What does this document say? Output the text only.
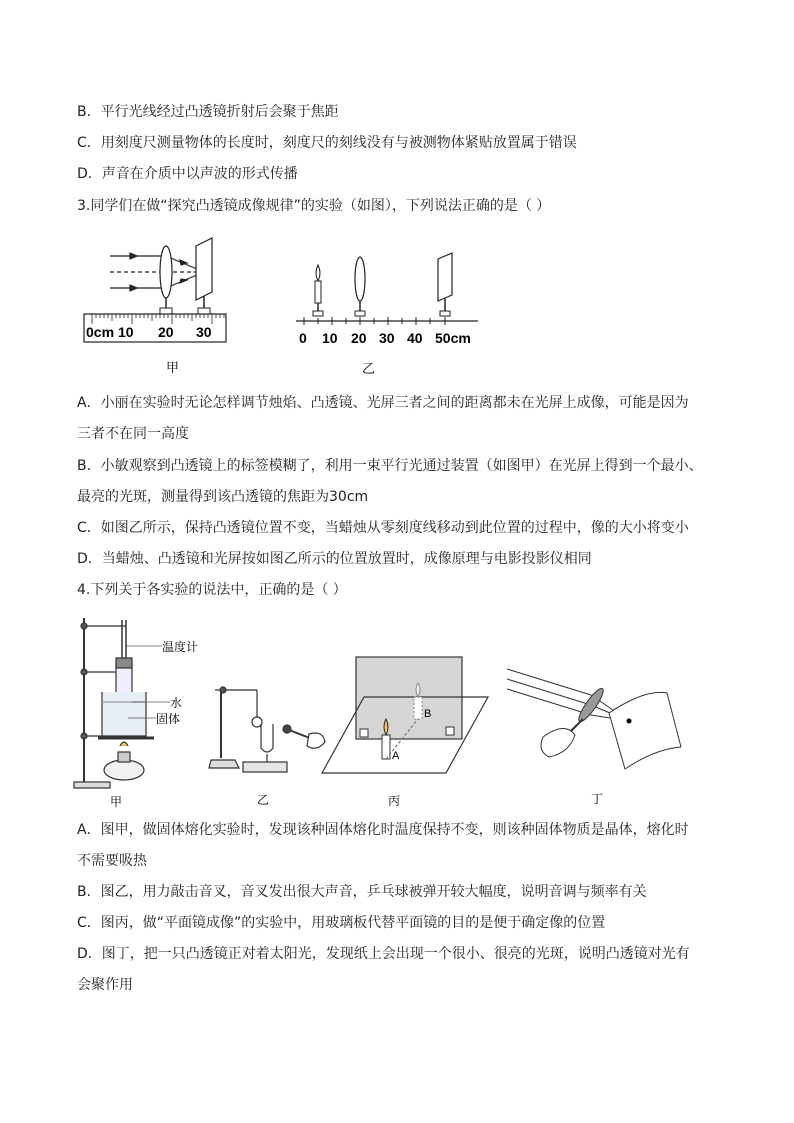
B．平行光线经过凸透镜折射后会聚于焦距
C．用刻度尺测量物体的长度时，刻度尺的刻线没有与被测物体紧贴放置属于错误
D．声音在介质中以声波的形式传播
3.同学们在做“探究凸透镜成像规律”的实验（如图），下列说法正确的是（ ）
0cm 10 20 30
甲
0 10 20 30 40 50cm
乙
A．小丽在实验时无论怎样调节烛焰、凸透镜、光屏三者之间的距离都未在光屏上成像，可能是因为
三者不在同一高度
B．小敏观察到凸透镜上的标签模糊了，利用一束平行光通过装置（如图甲）在光屏上得到一个最小、
最亮的光斑，测量得到该凸透镜的焦距为30cm
C．如图乙所示，保持凸透镜位置不变，当蜡烛从零刻度线移动到此位置的过程中，像的大小将变小
D．当蜡烛、凸透镜和光屏按如图乙所示的位置放置时，成像原理与电影投影仪相同
4.下列关于各实验的说法中，正确的是（ ）
温度计
水
固体
甲	乙
A
B
丙	丁
A．图甲，做固体熔化实验时，发现该种固体熔化时温度保持不变，则该种固体物质是晶体，熔化时
不需要吸热
B．图乙，用力敲击音叉，音叉发出很大声音，乒乓球被弹开较大幅度，说明音调与频率有关
C．图丙，做“平面镜成像”的实验中，用玻璃板代替平面镜的目的是便于确定像的位置
D．图丁，把一只凸透镜正对着太阳光，发现纸上会出现一个很小、很亮的光斑，说明凸透镜对光有
会聚作用
